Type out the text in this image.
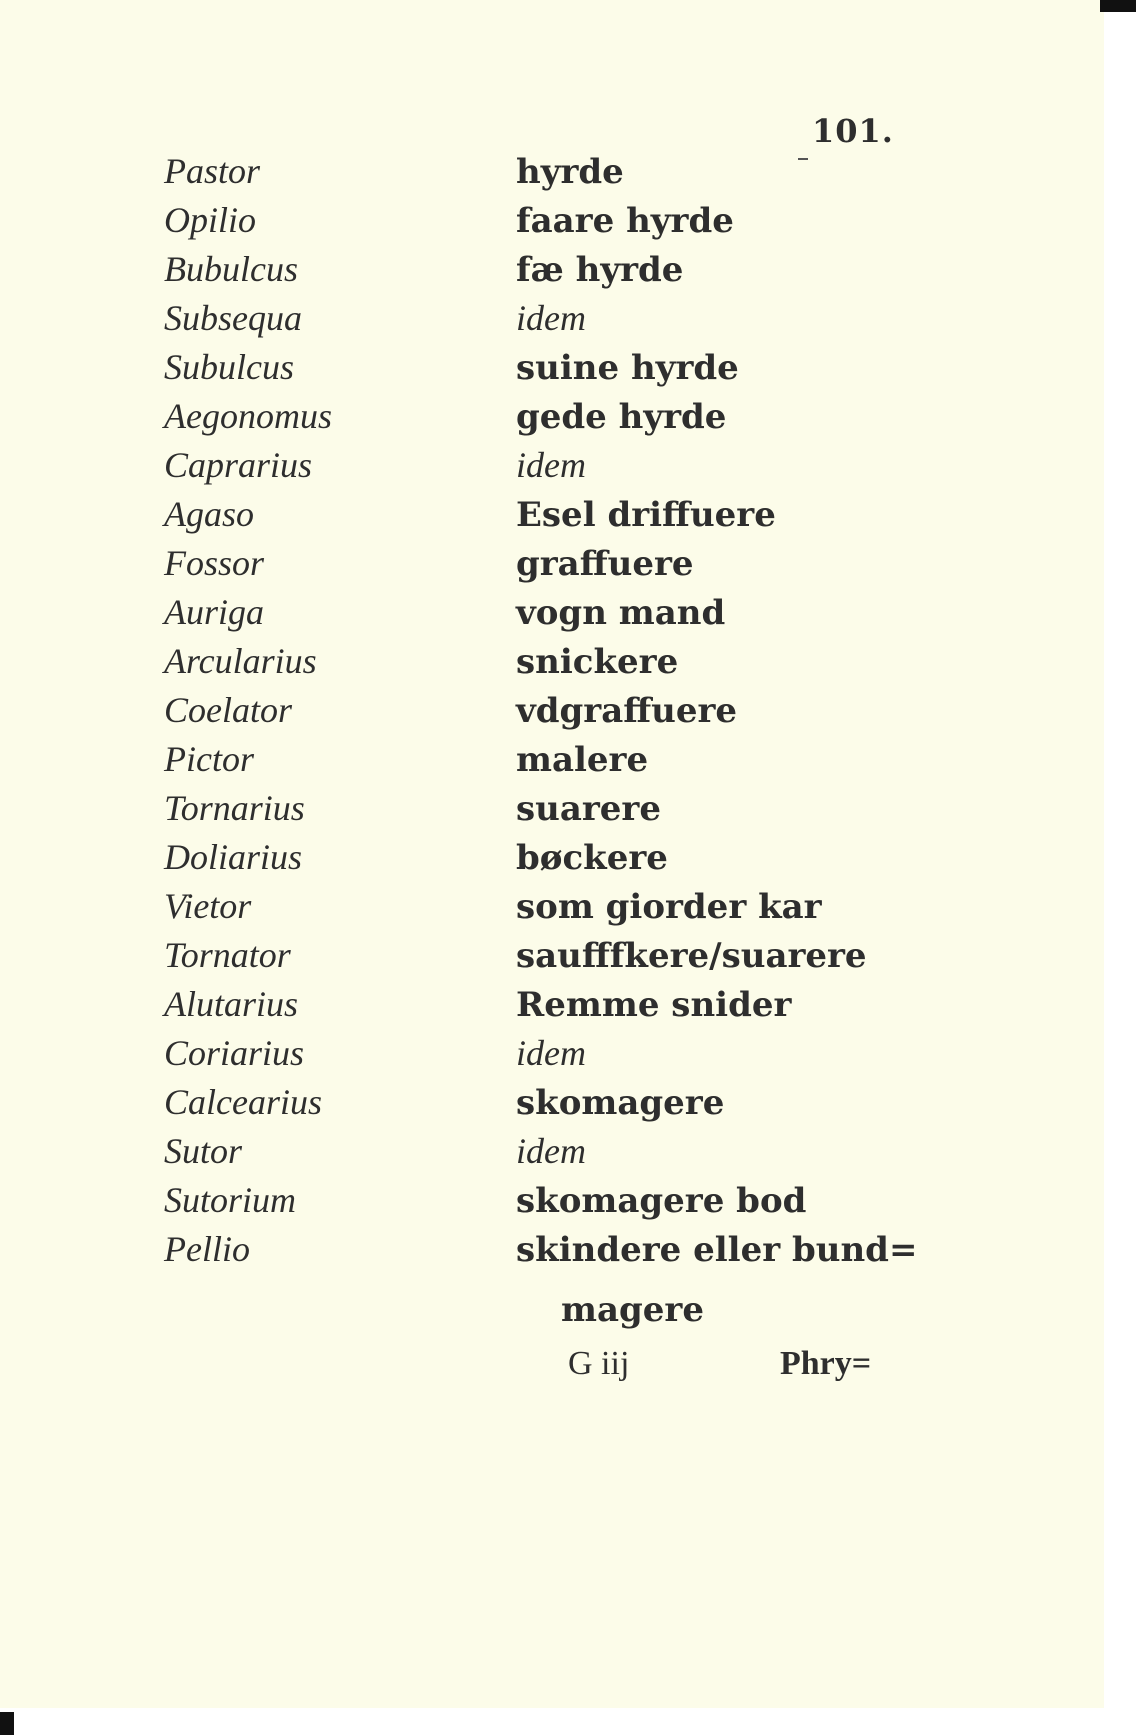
101.
Pastor	hyrde
Opilio	faare hyrde
Bubulcus	fæ hyrde
Subsequa	idem
Subulcus	suine hyrde
Aegonomus	gede hyrde
Caprarius	idem
Agaso	Esel driffuere
Fossor	graffuere
Auriga	vogn mand
Arcularius	snickere
Coelator	vdgraffuere
Pictor	malere
Tornarius	suarere
Doliarius	bøckere
Vietor	som giorder kar
Tornator	saufffkere/suarere
Alutarius	Remme snider
Coriarius	idem
Calcearius	skomagere
Sutor	idem
Sutorium	skomagere bod
Pellio	skindere eller bund=
magere
G iij	Phry=
